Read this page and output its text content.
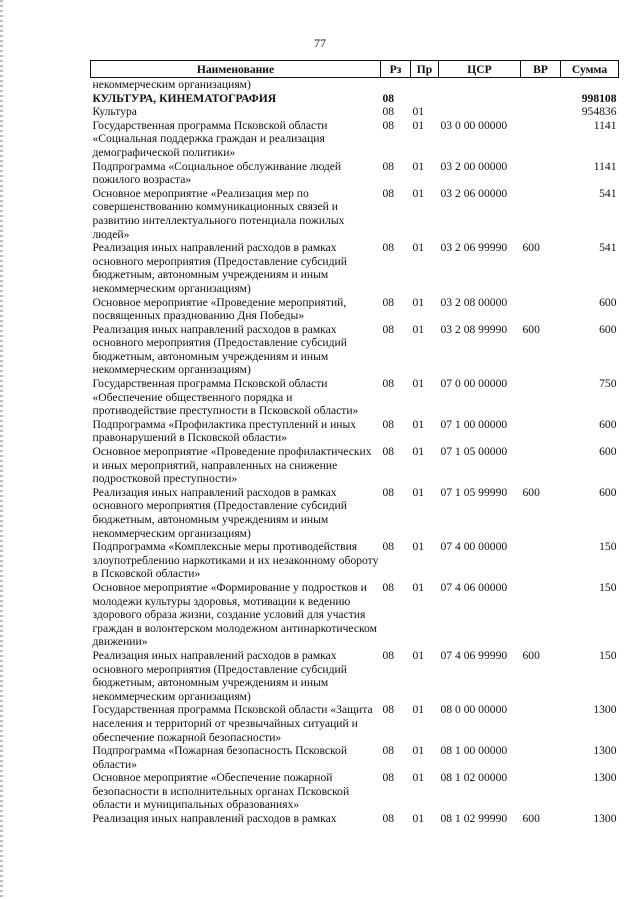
77
Наименование	Рз	Пр	ЦСР	ВР	Сумма
некоммерческим организациям)					
КУЛЬТУРА, КИНЕМАТОГРАФИЯ	08				998108
Культура	08	01			954836
Государственная программа Псковской области «Социальная поддержка граждан и реализация демографической политики»	08	01	03 0 00 00000		1141
Подпрограмма «Социальное обслуживание людей пожилого возраста»	08	01	03 2 00 00000		1141
Основное мероприятие «Реализация мер по совершенствованию коммуникационных связей и развитию интеллектуального потенциала пожилых людей»	08	01	03 2 06 00000		541
Реализация иных направлений расходов в рамках основного мероприятия (Предоставление субсидий бюджетным, автономным учреждениям и иным некоммерческим организациям)	08	01	03 2 06 99990	600	541
Основное мероприятие «Проведение мероприятий, посвященных празднованию Дня Победы»	08	01	03 2 08 00000		600
Реализация иных направлений расходов в рамках основного мероприятия (Предоставление субсидий бюджетным, автономным учреждениям и иным некоммерческим организациям)	08	01	03 2 08 99990	600	600
Государственная программа Псковской области «Обеспечение общественного порядка и противодействие преступности в Псковской области»	08	01	07 0 00 00000		750
Подпрограмма «Профилактика преступлений и иных правонарушений в Псковской области»	08	01	07 1 00 00000		600
Основное мероприятие «Проведение профилактических и иных мероприятий, направленных на снижение подростковой преступности»	08	01	07 1 05 00000		600
Реализация иных направлений расходов в рамках основного мероприятия (Предоставление субсидий бюджетным, автономным учреждениям и иным некоммерческим организациям)	08	01	07 1 05 99990	600	600
Подпрограмма «Комплексные меры противодействия злоупотреблению наркотиками и их незаконному обороту в Псковской области»	08	01	07 4 00 00000		150
Основное мероприятие «Формирование у подростков и молодежи культуры здоровья, мотивации к ведению здорового образа жизни, создание условий для участия граждан в волонтерском молодежном антинаркотическом движении»	08	01	07 4 06 00000		150
Реализация иных направлений расходов в рамках основного мероприятия (Предоставление субсидий бюджетным, автономным учреждениям и иным некоммерческим организациям)	08	01	07 4 06 99990	600	150
Государственная программа Псковской области «Защита населения и территорий от чрезвычайных ситуаций и обеспечение пожарной безопасности»	08	01	08 0 00 00000		1300
Подпрограмма «Пожарная безопасность Псковской области»	08	01	08 1 00 00000		1300
Основное мероприятие «Обеспечение пожарной безопасности в исполнительных органах Псковской области и муниципальных образованиях»	08	01	08 1 02 00000		1300
Реализация иных направлений расходов в рамках	08	01	08 1 02 99990	600	1300
